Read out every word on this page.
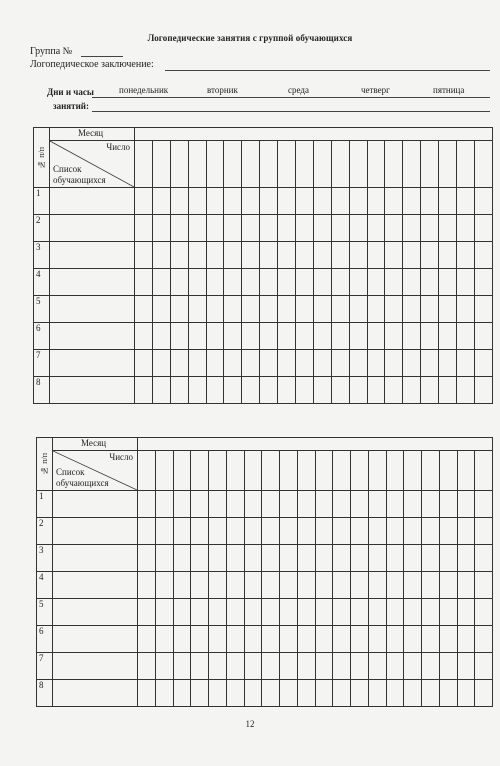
Логопедические занятия с группой обучающихся
Группа №
Логопедическое заключение:
Дни и часы
занятий:
понедельник	вторник	среда	четверг	пятница
№ п/п	Месяц																				

	Число
Список
обучающихся																				

1																					
2																					
3																					
4																					
5																					
6																					
7																					
8																					
№ п/п	Месяц																				

	Число
Список
обучающихся																				

1																					
2																					
3																					
4																					
5																					
6																					
7																					
8																					
12
